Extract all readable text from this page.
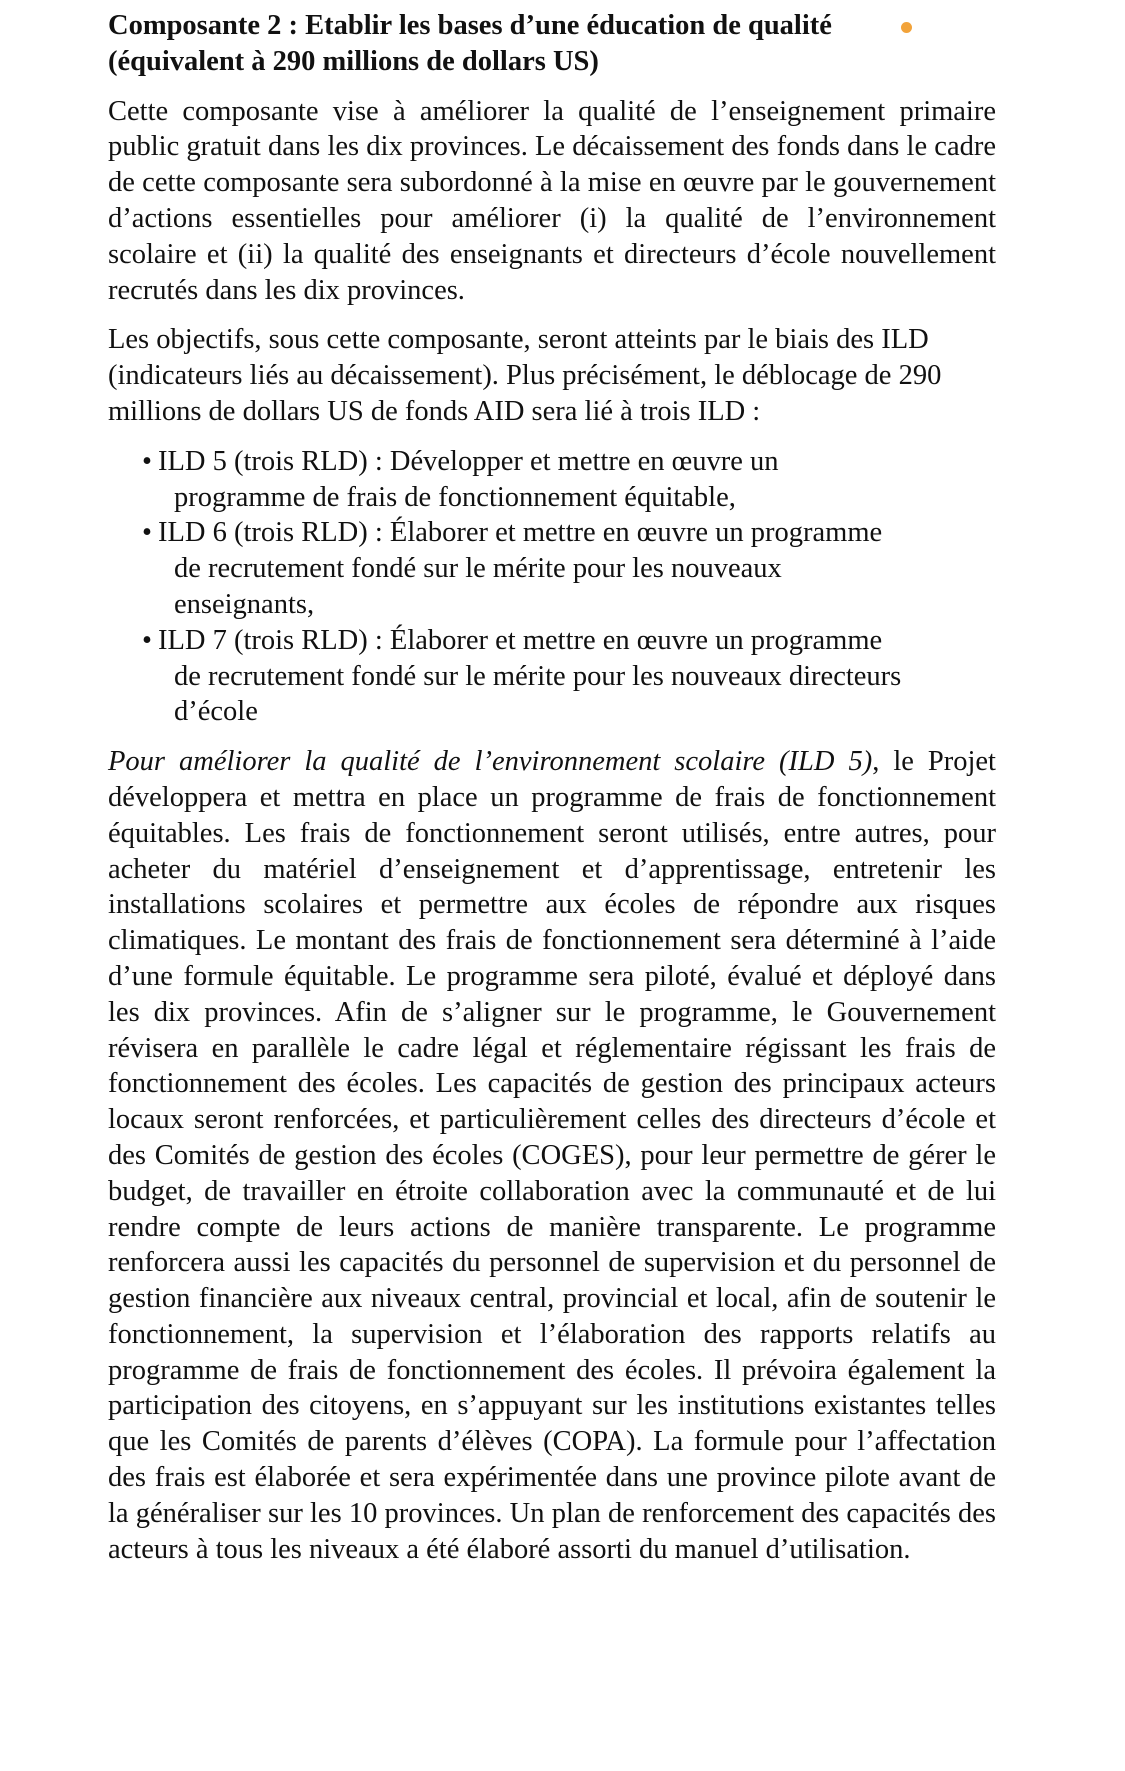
Composante 2 : Etablir les bases d’une éducation de qualité
(équivalent à 290 millions de dollars US)

Cette composante vise à améliorer la qualité de l’enseignement primaire public gratuit dans les dix provinces. Le décaissement des fonds dans le cadre de cette composante sera subordonné à la mise en œuvre par le gouvernement d’actions essentielles pour améliorer (i) la qualité de l’environnement scolaire et (ii) la qualité des enseignants et directeurs d’école nouvellement recrutés dans les dix provinces.

Les objectifs, sous cette composante, seront atteints par le biais des ILD (indicateurs liés au décaissement). Plus précisément, le déblocage de 290 millions de dollars US de fonds AID sera lié à trois ILD :

• ILD 5 (trois RLD) : Développer et mettre en œuvre un
programme de frais de fonctionnement équitable,
• ILD 6 (trois RLD) : Élaborer et mettre en œuvre un programme
de recrutement fondé sur le mérite pour les nouveaux
enseignants,
• ILD 7 (trois RLD) : Élaborer et mettre en œuvre un programme
de recrutement fondé sur le mérite pour les nouveaux directeurs
d’école

Pour améliorer la qualité de l’environnement scolaire (ILD 5), le Projet développera et mettra en place un programme de frais de fonctionnement équitables. Les frais de fonctionnement seront utilisés, entre autres, pour acheter du matériel d’enseignement et d’apprentissage, entretenir les installations scolaires et permettre aux écoles de répondre aux risques climatiques. Le montant des frais de fonctionnement sera déterminé à l’aide d’une formule équitable. Le programme sera piloté, évalué et déployé dans les dix provinces. Afin de s’aligner sur le programme, le Gouvernement révisera en parallèle le cadre légal et réglementaire régissant les frais de fonctionnement des écoles. Les capacités de gestion des principaux acteurs locaux seront renforcées, et particulièrement celles des directeurs d’école et des Comités de gestion des écoles (COGES), pour leur permettre de gérer le budget, de travailler en étroite collaboration avec la communauté et de lui rendre compte de leurs actions de manière transparente. Le programme renforcera aussi les capacités du personnel de supervision et du personnel de gestion financière aux niveaux central, provincial et local, afin de soutenir le fonctionnement, la supervision et l’élaboration des rapports relatifs au programme de frais de fonctionnement des écoles. Il prévoira également la participation des citoyens, en s’appuyant sur les institutions existantes telles que les Comités de parents d’élèves (COPA). La formule pour l’affectation des frais est élaborée et sera expérimentée dans une province pilote avant de la généraliser sur les 10 provinces. Un plan de renforcement des capacités des acteurs à tous les niveaux a été élaboré assorti du manuel d’utilisation.
